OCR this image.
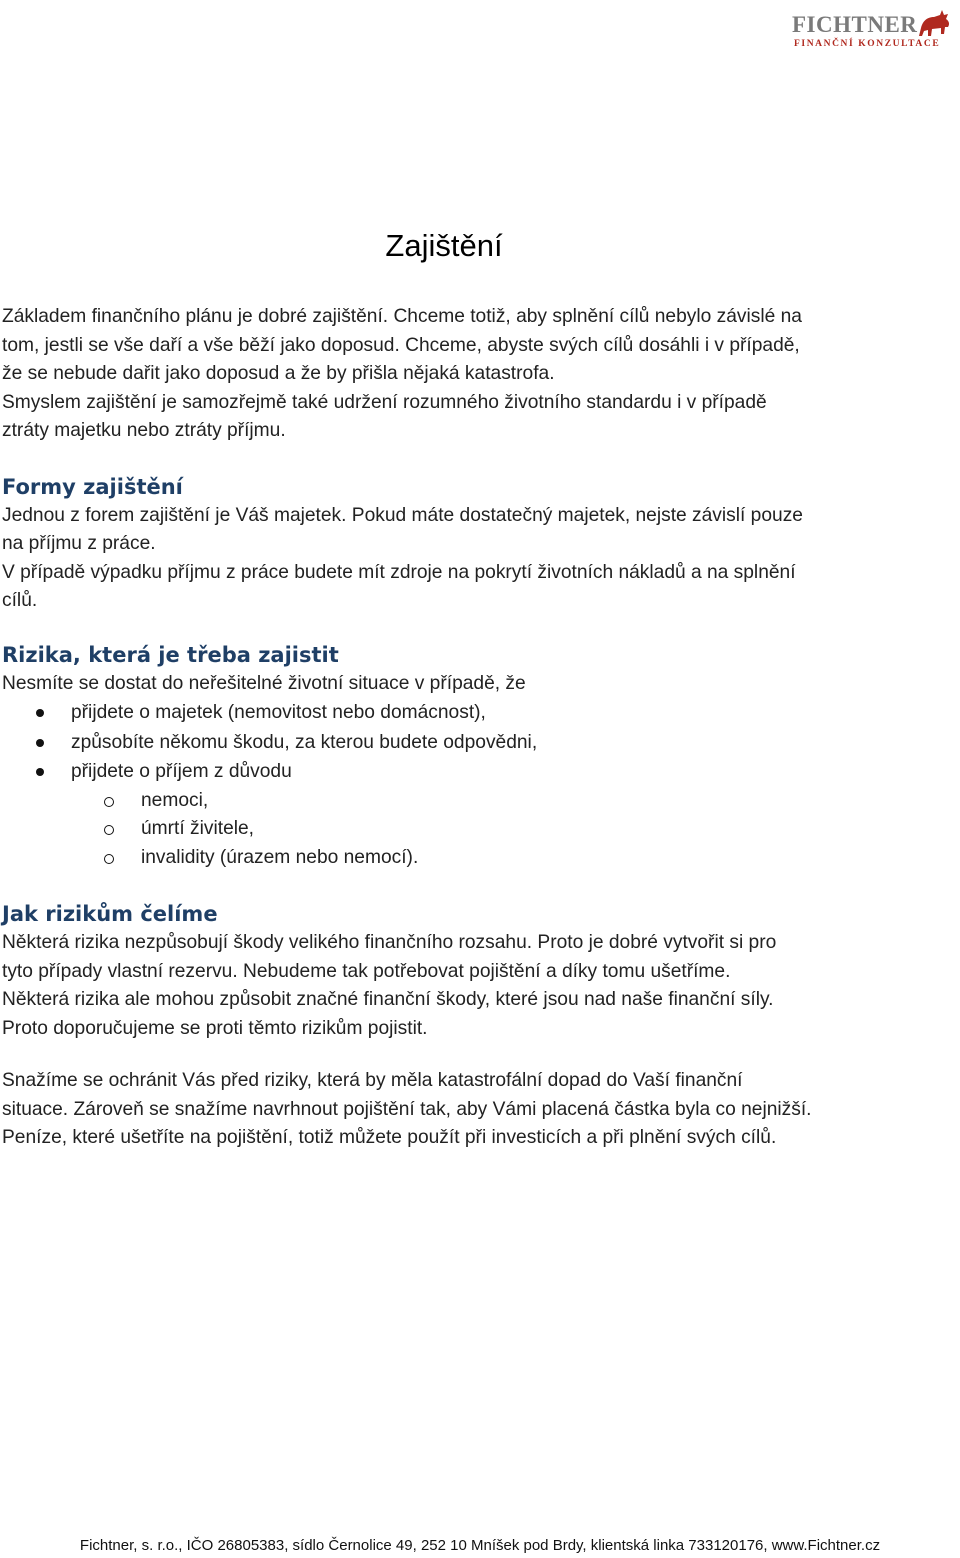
FICHTNER
FINANČNÍ KONZULTACE
Zajištění

Základem finančního plánu je dobré zajištění. Chceme totiž, aby splnění cílů nebylo závislé na

tom, jestli se vše daří a vše běží jako doposud. Chceme, abyste svých cílů dosáhli i v případě,

že se nebude dařit jako doposud a že by přišla nějaká katastrofa.

Smyslem zajištění je samozřejmě také udržení rozumného životního standardu i v případě

ztráty majetku nebo ztráty příjmu.

Formy zajištění

Jednou z forem zajištění je Váš majetek. Pokud máte dostatečný majetek, nejste závislí pouze

na příjmu z práce.

V případě výpadku příjmu z práce budete mít zdroje na pokrytí životních nákladů a na splnění

cílů.

Rizika, která je třeba zajistit

Nesmíte se dostat do neřešitelné životní situace v případě, že

přijdete o majetek (nemovitost nebo domácnost),
způsobíte někomu škodu, za kterou budete odpovědni,
přijdete o příjem z důvodu
nemoci,
úmrtí živitele,
invalidity (úrazem nebo nemocí).
Jak rizikům čelíme

Některá rizika nezpůsobují škody velikého finančního rozsahu. Proto je dobré vytvořit si pro

tyto případy vlastní rezervu. Nebudeme tak potřebovat pojištění a díky tomu ušetříme.

Některá rizika ale mohou způsobit značné finanční škody, které jsou nad naše finanční síly.

Proto doporučujeme se proti těmto rizikům pojistit.

Snažíme se ochránit Vás před riziky, která by měla katastrofální dopad do Vaší finanční

situace. Zároveň se snažíme navrhnout pojištění tak, aby Vámi placená částka byla co nejnižší.

Peníze, které ušetříte na pojištění, totiž můžete použít při investicích a při plnění svých cílů.

Fichtner, s. r.o., IČO 26805383, sídlo Černolice 49, 252 10 Mníšek pod Brdy, klientská linka 733120176, www.Fichtner.cz
